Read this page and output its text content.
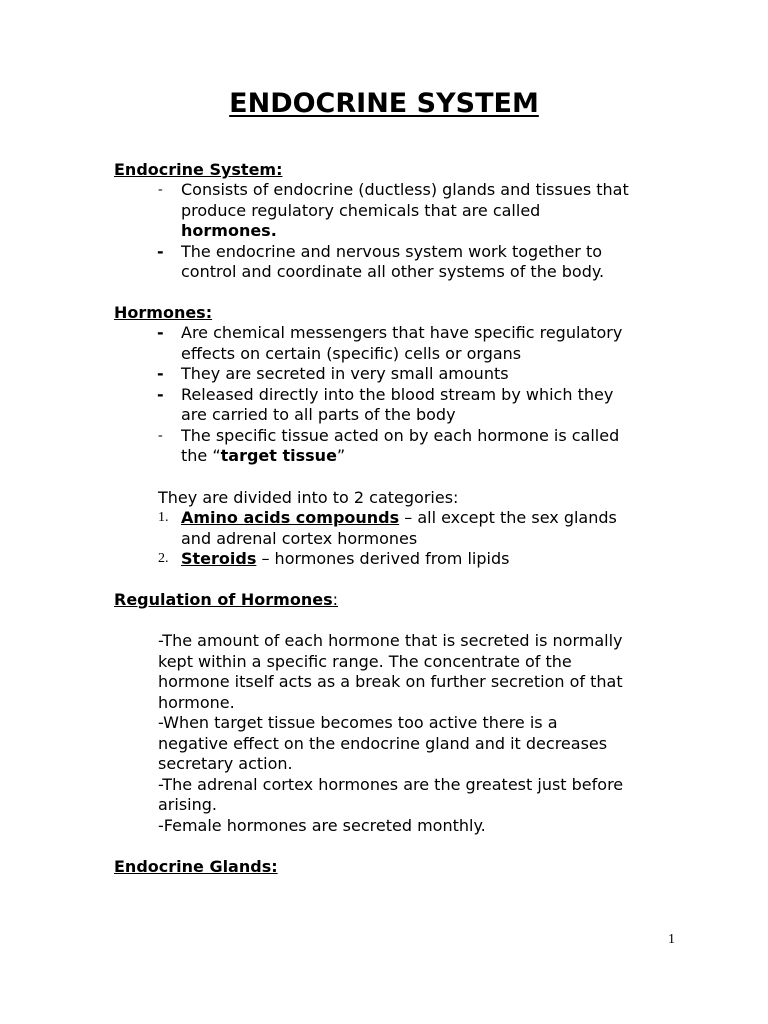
ENDOCRINE SYSTEM
Endocrine System:
- Consists of endocrine (ductless) glands and tissues that
produce regulatory chemicals that are called
hormones.
- The endocrine and nervous system work together to
control and coordinate all other systems of the body.
Hormones:
- Are chemical messengers that have specific regulatory
effects on certain (specific) cells or organs
- They are secreted in very small amounts
- Released directly into the blood stream by which they
are carried to all parts of the body
- The specific tissue acted on by each hormone is called
the “target tissue”
They are divided into to 2 categories:
1. Amino acids compounds – all except the sex glands
and adrenal cortex hormones
2. Steroids – hormones derived from lipids
Regulation of Hormones:
-The amount of each hormone that is secreted is normally
kept within a specific range. The concentrate of the
hormone itself acts as a break on further secretion of that
hormone.
-When target tissue becomes too active there is a
negative effect on the endocrine gland and it decreases
secretary action.
-The adrenal cortex hormones are the greatest just before
arising.
-Female hormones are secreted monthly.
Endocrine Glands:
1
